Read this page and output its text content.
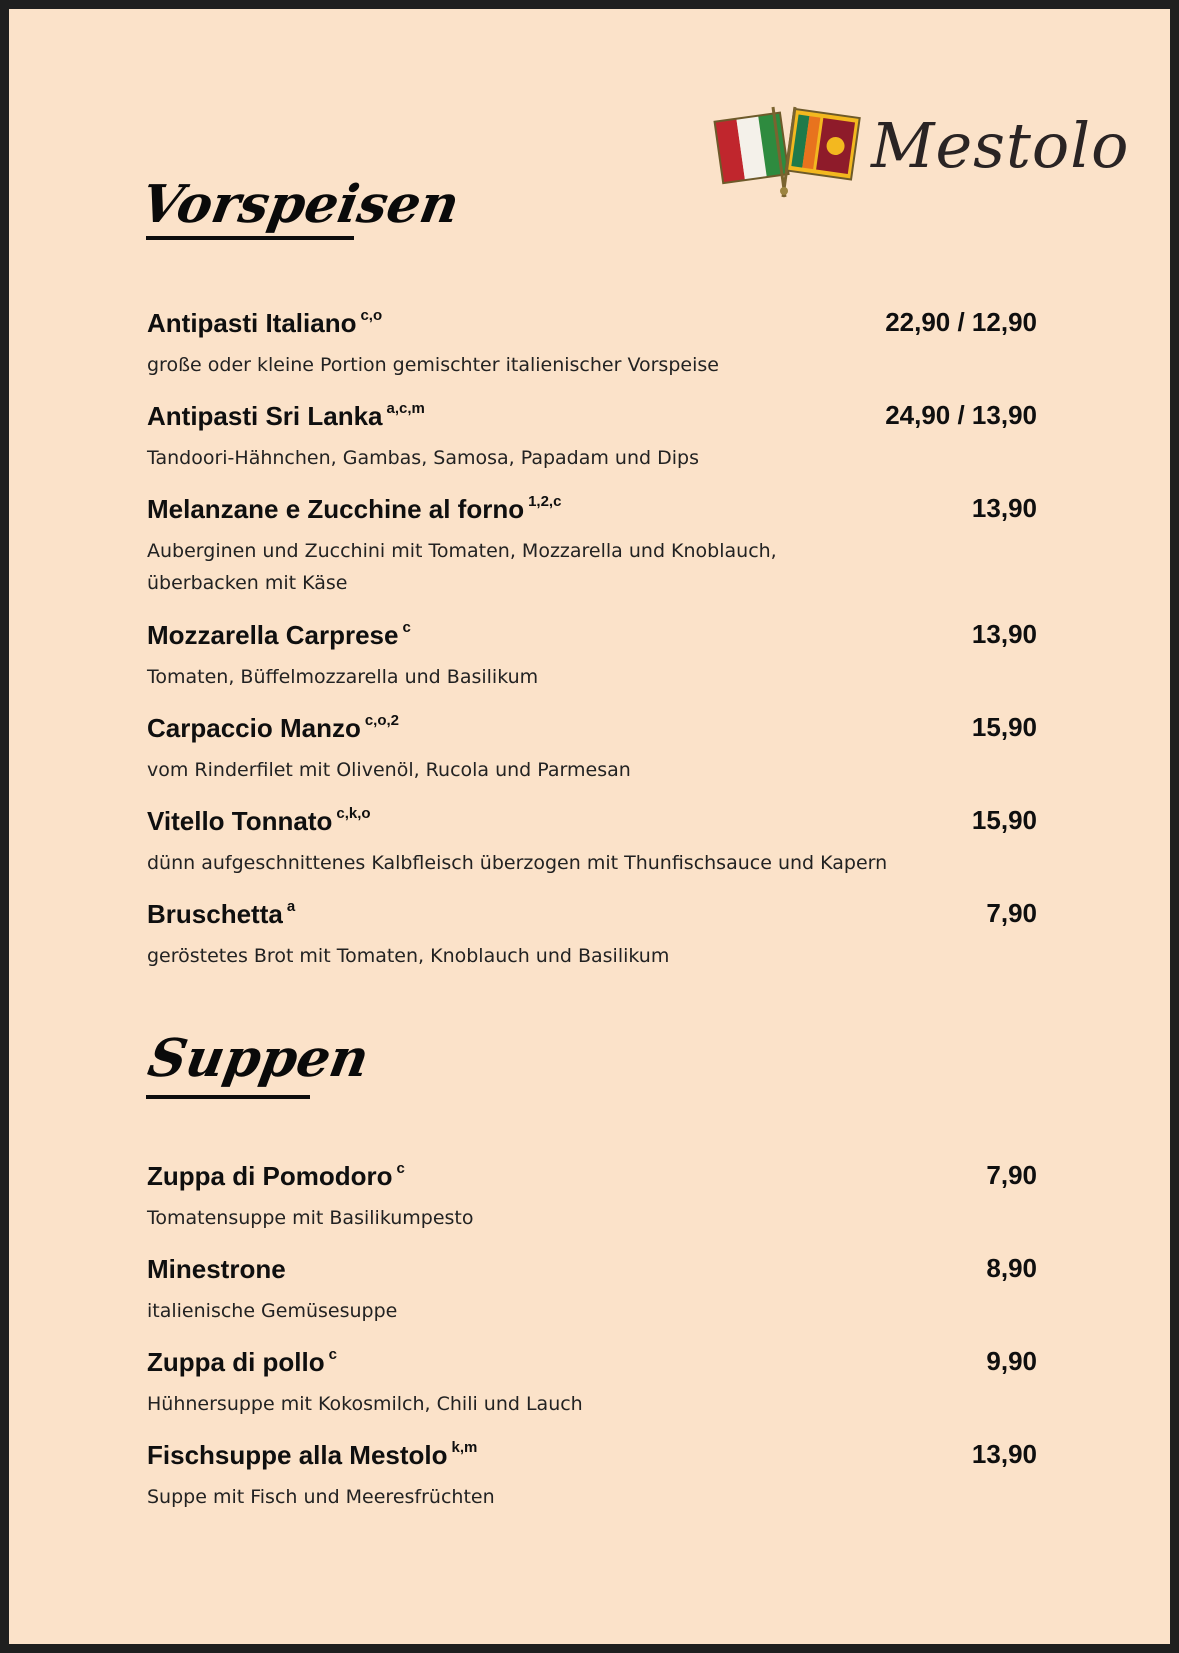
Mestolo
Vorspeisen
Antipasti Italiano c,o	22,90 / 12,90
große oder kleine Portion gemischter italienischer Vorspeise
Antipasti Sri Lanka a,c,m	24,90 / 13,90
Tandoori-Hähnchen, Gambas, Samosa, Papadam und Dips
Melanzane e Zucchine al forno 1,2,c	13,90
Auberginen und Zucchini mit Tomaten, Mozzarella und Knoblauch, überbacken mit Käse
Mozzarella Carprese c	13,90
Tomaten, Büffelmozzarella und Basilikum
Carpaccio Manzo c,o,2	15,90
vom Rinderfilet mit Olivenöl, Rucola und Parmesan
Vitello Tonnato c,k,o	15,90
dünn aufgeschnittenes Kalbfleisch überzogen mit Thunfischsauce und Kapern
Bruschetta a	7,90
geröstetes Brot mit Tomaten, Knoblauch und Basilikum
Suppen
Zuppa di Pomodoro c	7,90
Tomatensuppe mit Basilikumpesto
Minestrone	8,90
italienische Gemüsesuppe
Zuppa di pollo c	9,90
Hühnersuppe mit Kokosmilch, Chili und Lauch
Fischsuppe alla Mestolo k,m	13,90
Suppe mit Fisch und Meeresfrüchten
